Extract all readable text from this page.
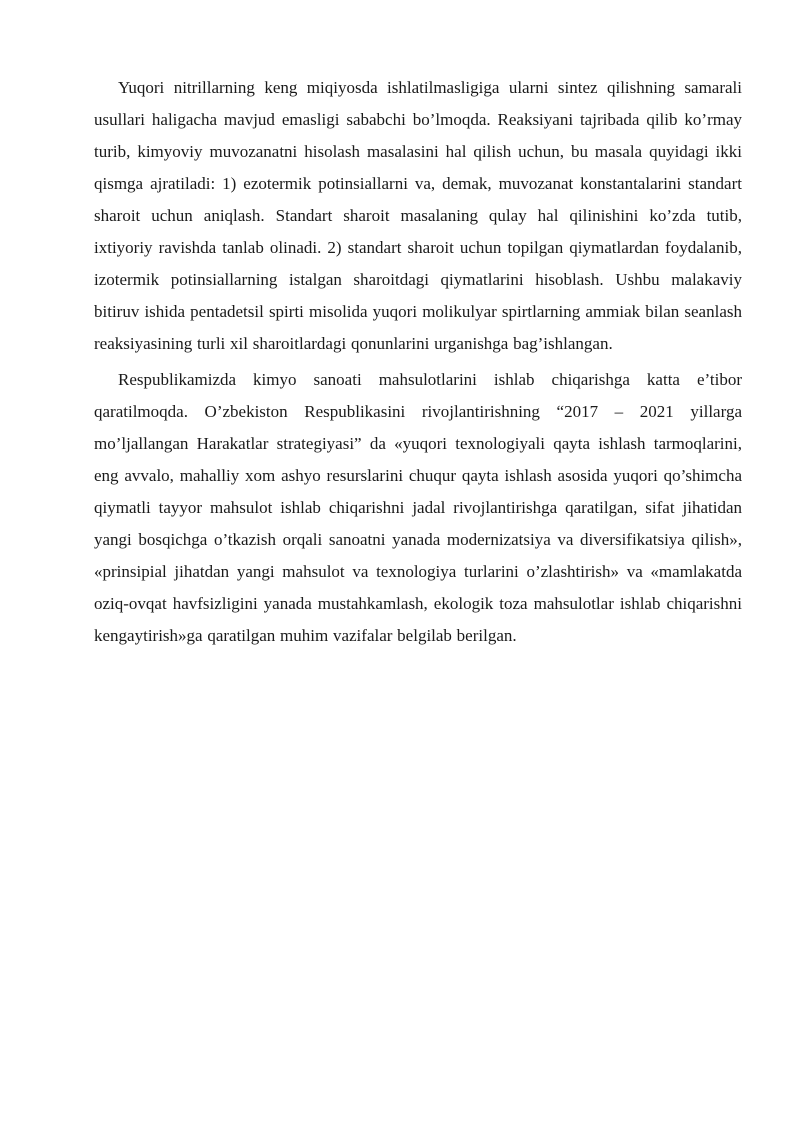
Yuqori nitrillarning keng miqiyosda ishlatilmasligiga ularni sintez qilishning samarali usullari haligacha mavjud emasligi sababchi bo’lmoqda. Reaksiyani tajribada qilib ko’rmay turib, kimyoviy muvozanatni hisolash masalasini hal qilish uchun, bu masala quyidagi ikki qismga ajratiladi: 1) ezotermik potinsiallarni va, demak, muvozanat konstantalarini standart sharoit uchun aniqlash. Standart sharoit masalaning qulay hal qilinishini ko’zda tutib, ixtiyoriy ravishda tanlab olinadi. 2) standart sharoit uchun topilgan qiymatlardan foydalanib, izotermik potinsiallarning istalgan sharoitdagi qiymatlarini hisoblash. Ushbu malakaviy bitiruv ishida pentadetsil spirti misolida yuqori molikulyar spirtlarning ammiak bilan seanlash reaksiyasining turli xil sharoitlardagi qonunlarini urganishga bag’ishlangan.

Respublikamizda kimyo sanoati mahsulotlarini ishlab chiqarishga katta e’tibor qaratilmoqda. O’zbekiston Respublikasini rivojlantirishning “2017 – 2021 yillarga mo’ljallangan Harakatlar strategiyasi” da «yuqori texnologiyali qayta ishlash tarmoqlarini, eng avvalo, mahalliy xom ashyo resurslarini chuqur qayta ishlash asosida yuqori qo’shimcha qiymatli tayyor mahsulot ishlab chiqarishni jadal rivojlantirishga qaratilgan, sifat jihatidan yangi bosqichga o’tkazish orqali sanoatni yanada modernizatsiya va diversifikatsiya qilish», «prinsipial jihatdan yangi mahsulot va texnologiya turlarini o’zlashtirish» va «mamlakatda oziq-ovqat havfsizligini yanada mustahkamlash, ekologik toza mahsulotlar ishlab chiqarishni kengaytirish»ga qaratilgan muhim vazifalar belgilab berilgan.
